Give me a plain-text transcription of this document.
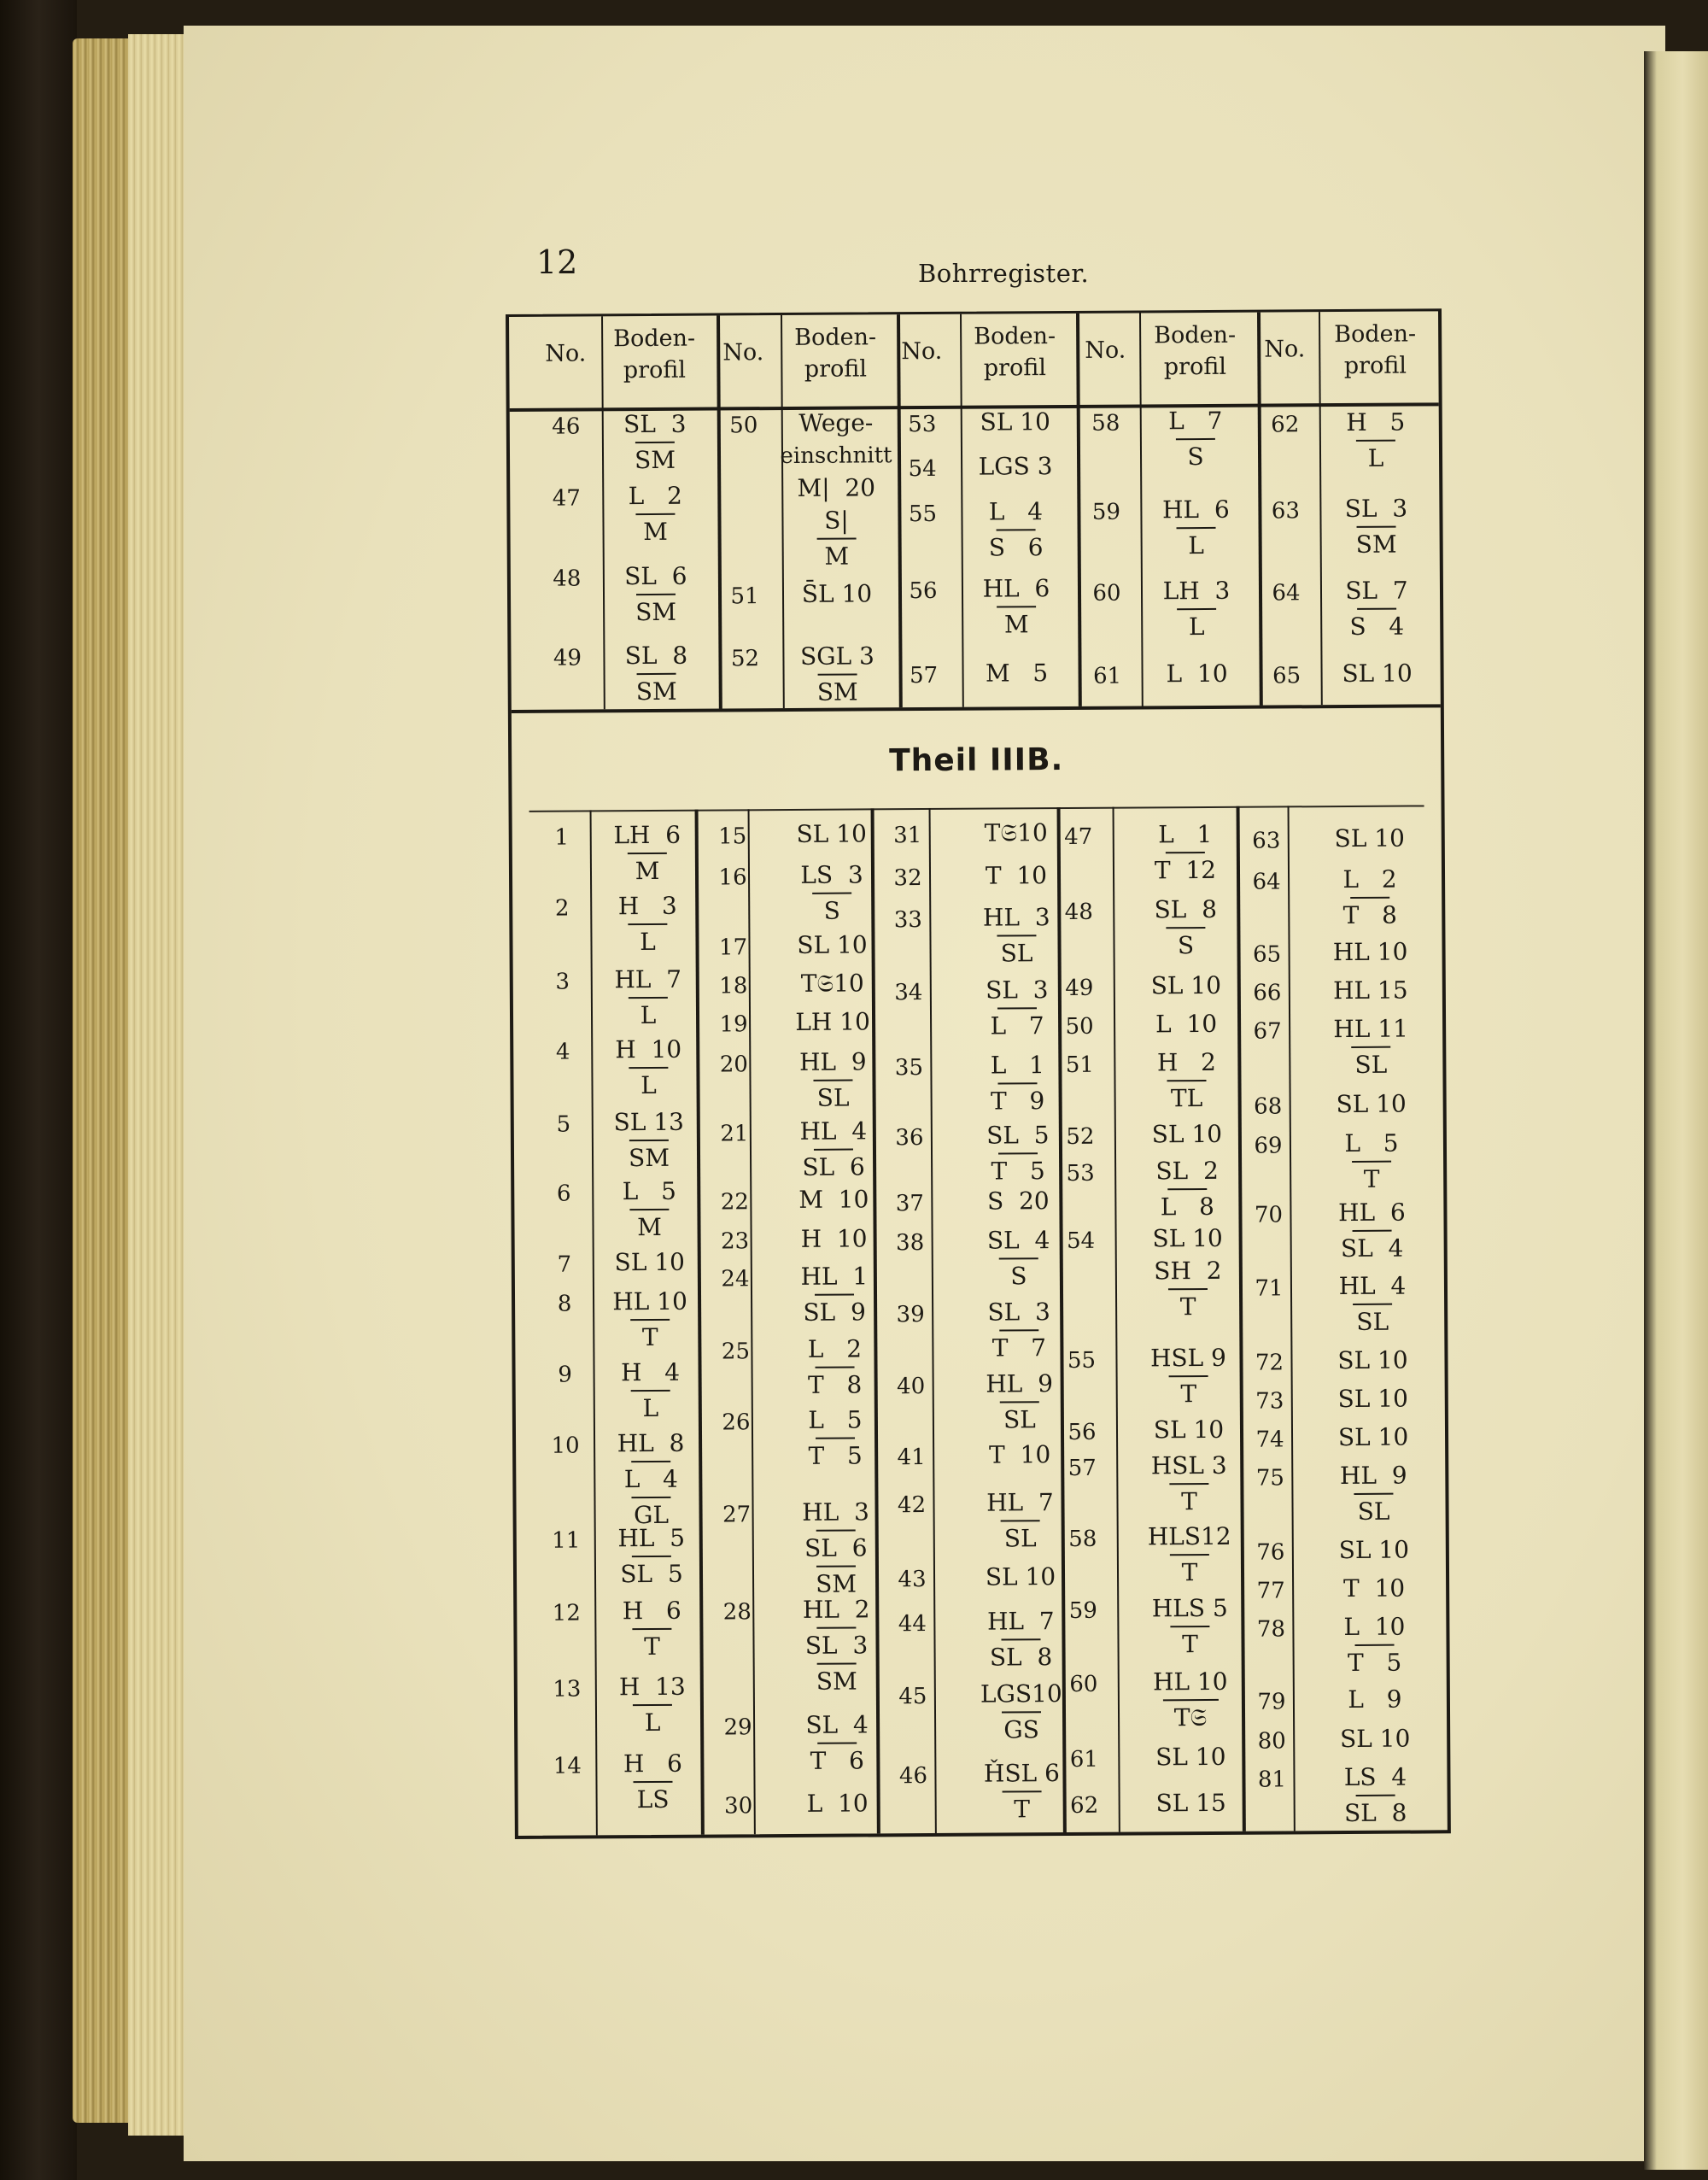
12	Bohrregister.
Theil IIIB.
No.
Boden-
profil
No.
Boden-
profil
No.
Boden-
profil
No.
Boden-
profil
No.
Boden-
profil
46	SL  3
SM
47	L   2
M
48	SL  6
SM
49	SL  8
SM
50	Wege-
einschnitt
M|  20
S|
M
51	S̄L 10
52	SGL 3
SM
53	SL 10
54	LGS 3
55	L   4
S   6
56	HL  6
M
57	M   5
58	L   7
S
59	HL  6
L
60	LH  3
L
61	L  10
62	H   5
L
63	SL  3
SM
64	SL  7
S   4
65	SL 10
1	LH  6
M
2	H   3
L
3	HL  7
L
4	H  10
L
5	SL 13
SM
6	L   5
M
7	SL 10
8	HL 10
T
9	H   4
L
10	HL  8
L   4
GL
11	HL  5
SL  5
12	H   6
T
13	H  13
L
14	H   6
LS
15	SL 10
16	LS  3
S
17	SL 10
18	T𝔖10
19	LH 10
20	HL  9
SL
21	HL  4
SL  6
22	M  10
23	H  10
24	HL  1
SL  9
25	L   2
T   8
26	L   5
T   5
27	HL  3
SL  6
SM
28	HL  2
SL  3
SM
29	SL  4
T   6
30	L  10
31	T𝔖10
32	T  10
33	HL  3
SL
34	SL  3
L   7
35	L   1
T   9
36	SL  5
T   5
37	S  20
38	SL  4
S
39	SL  3
T   7
40	HL  9
SL
41	T  10
42	HL  7
SL
43	SL 10
44	HL  7
SL  8
45	LGS10
GS
46	ȞSL 6
T
47	L   1
T  12
48	SL  8
S
49	SL 10
50	L  10
51	H   2
TL
52	SL 10
53	SL  2
L   8
54	SL 10
SH  2
T
55	HSL 9
T
56	SL 10
57	HSL 3
T
58	HLS12
T
59	HLS 5
T
60	HL 10
T𝔖
61	SL 10
62	SL 15
63	SL 10
64	L   2
T   8
65	HL 10
66	HL 15
67	HL 11
SL
68	SL 10
69	L   5
T
70	HL  6
SL  4
71	HL  4
SL
72	SL 10
73	SL 10
74	SL 10
75	HL  9
SL
76	SL 10
77	T  10
78	L  10
T   5
79	L   9
80	SL 10
81	LS  4
SL  8
